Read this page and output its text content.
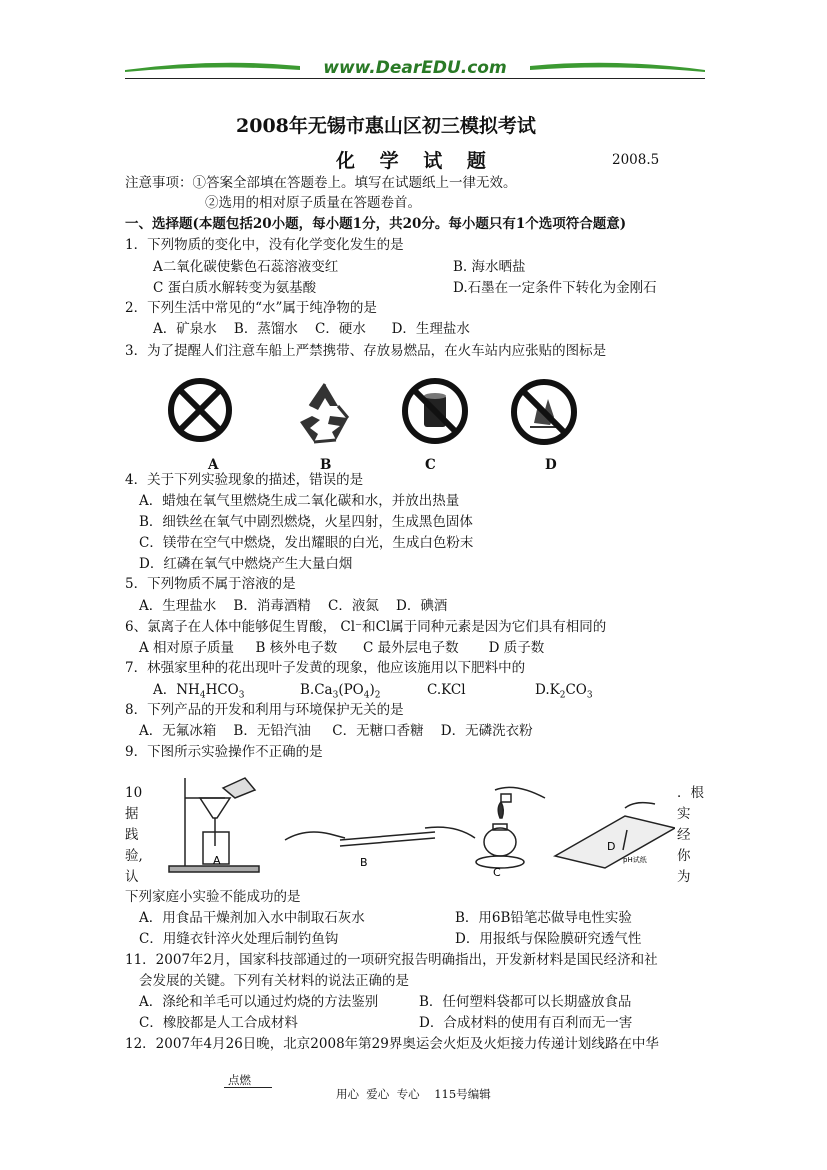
www.DearEDU.com
2008年无锡市惠山区初三模拟考试
化 学 试 题	2008.5
注意事项：①答案全部填在答题卷上。填写在试题纸上一律无效。
②选用的相对原子质量在答题卷首。
一、选择题(本题包括20小题，每小题1分，共20分。每小题只有1个选项符合题意)
1．下列物质的变化中，没有化学变化发生的是
A二氧化碳使紫色石蕊溶液变红	B. 海水晒盐
C 蛋白质水解转变为氨基酸	D.石墨在一定条件下转化为金刚石
2．下列生活中常见的“水”属于纯净物的是
A．矿泉水    B．蒸馏水    C．硬水      D．生理盐水
3．为了提醒人们注意车船上严禁携带、存放易燃品，在火车站内应张贴的图标是
A	B	C	D
4．关于下列实验现象的描述，错误的是
A．蜡烛在氧气里燃烧生成二氧化碳和水，并放出热量
B．细铁丝在氧气中剧烈燃烧，火星四射，生成黑色固体
C．镁带在空气中燃烧，发出耀眼的白光，生成白色粉末
D．红磷在氧气中燃烧产生大量白烟
5．下列物质不属于溶液的是
A．生理盐水    B．消毒酒精    C．液氮    D．碘酒
6、氯离子在人体中能够促生胃酸， Cl⁻和Cl属于同种元素是因为它们具有相同的
A 相对原子质量     B 核外电子数      C 最外层电子数       D 质子数
7．林强家里种的花出现叶子发黄的现象，他应该施用以下肥料中的
A．$NH_4HCO_3$	$B.Ca_3(PO_4)_2$	C.KCl	$D.K_2CO_3$
8．下列产品的开发和利用与环境保护无关的是
A．无氟冰箱    B．无铅汽油     C．无糖口香糖    D．无磷洗衣粉
9．下图所示实验操作不正确的是
A	B
C
D
pH试纸
10
据
践
验,
认
．根
实
经
你
为
下列家庭小实验不能成功的是
A．用食品干燥剂加入水中制取石灰水	B．用6B铅笔芯做导电性实验
C．用缝衣针淬火处理后制钓鱼钩	D．用报纸与保险膜研究透气性
11．2007年2月，国家科技部通过的一项研究报告明确指出，开发新材料是国民经济和社
会发展的关键。下列有关材料的说法正确的是
A．涤纶和羊毛可以通过灼烧的方法鉴别	B．任何塑料袋都可以长期盛放食品
C．橡胶都是人工合成材料	D．合成材料的使用有百利而无一害
12．2007年4月26日晚，北京2008年第29界奥运会火炬及火炬接力传递计划线路在中华
点燃
用心  爱心  专心    115号编辑
